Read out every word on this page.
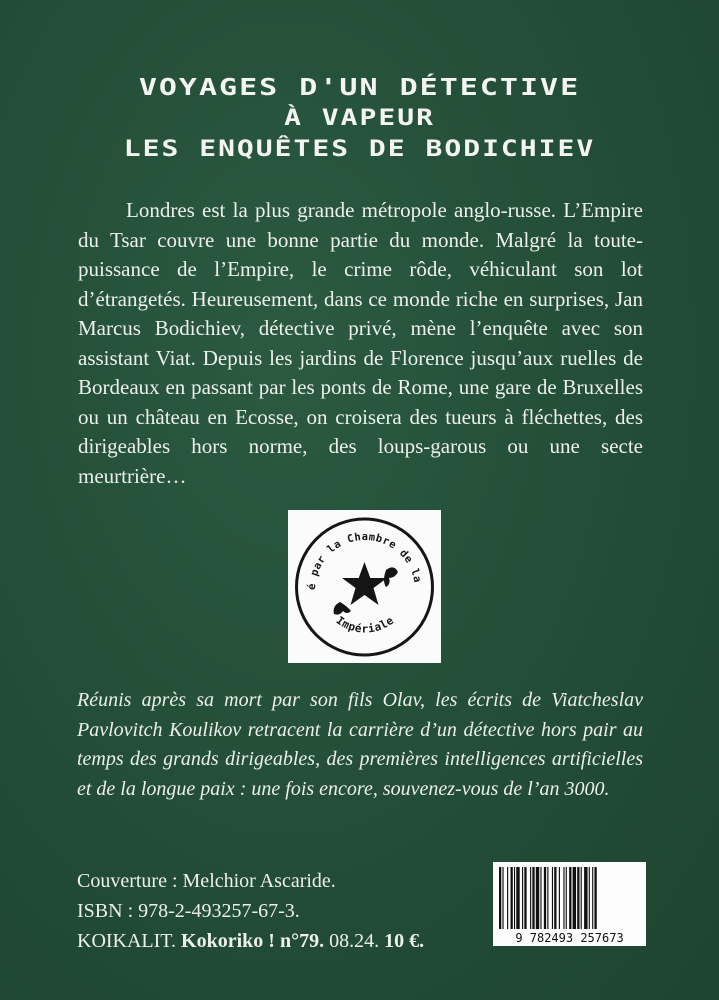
VOYAGES D'UN DÉTECTIVE
À VAPEUR
LES ENQUÊTES DE BODICHIEV

Londres est la plus grande métropole anglo-russe. L’Empire du Tsar couvre une bonne partie du monde. Malgré la toute-puissance de l’Empire, le crime rôde, véhiculant son lot d’étrangetés. Heureusement, dans ce monde riche en surprises, Jan Marcus Bodichiev, détective privé, mène l’enquête avec son assistant Viat. Depuis les jardins de Florence jusqu’aux ruelles de Bordeaux en passant par les ponts de Rome, une gare de Bruxelles ou un château en Ecosse, on croisera des tueurs à fléchettes, des dirigeables hors norme, des loups-garous ou une secte meurtrière…

é par la Chambre de la
Impériale

Réunis après sa mort par son fils Olav, les écrits de Viatcheslav Pavlovitch Koulikov retracent la carrière d’un détective hors pair au temps des grands dirigeables, des premières intelligences artificielles et de la longue paix : une fois encore, souvenez-vous de l’an 3000.

Couverture : Melchior Ascaride.
ISBN : 978-2-493257-67-3.
KOIKALIT. Kokoriko ! n°79. 08.24. 10 €.	9 782493 257673
